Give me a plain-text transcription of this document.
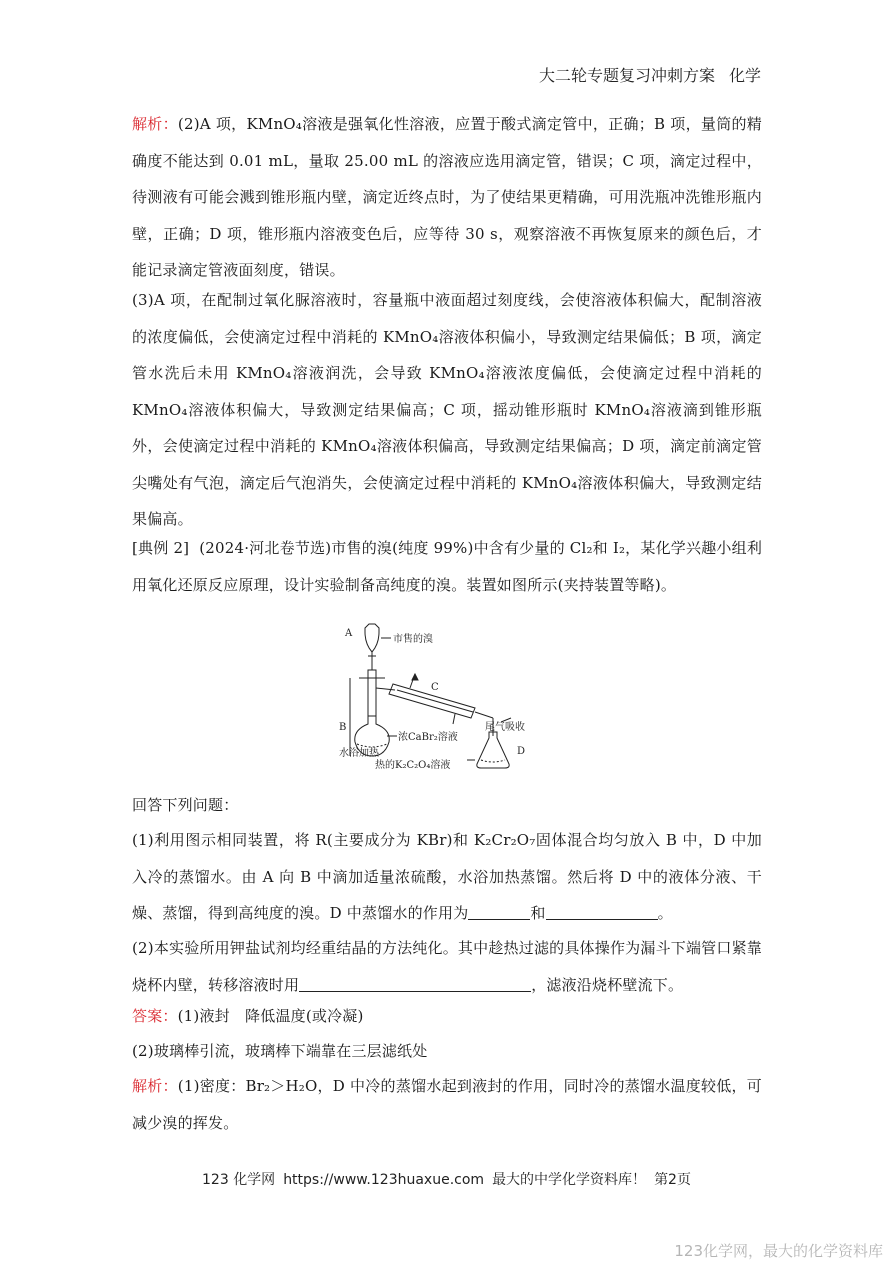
大二轮专题复习冲刺方案 化学
解析：(2)A 项，KMnO₄溶液是强氧化性溶液，应置于酸式滴定管中，正确；B 项，量筒的精确度不能达到 0.01 mL，量取 25.00 mL 的溶液应选用滴定管，错误；C 项，滴定过程中，待测液有可能会溅到锥形瓶内壁，滴定近终点时，为了使结果更精确，可用洗瓶冲洗锥形瓶内壁，正确；D 项，锥形瓶内溶液变色后，应等待 30 s，观察溶液不再恢复原来的颜色后，才能记录滴定管液面刻度，错误。
(3)A 项，在配制过氧化脲溶液时，容量瓶中液面超过刻度线，会使溶液体积偏大，配制溶液的浓度偏低，会使滴定过程中消耗的 KMnO₄溶液体积偏小，导致测定结果偏低；B 项，滴定管水洗后未用 KMnO₄溶液润洗，会导致 KMnO₄溶液浓度偏低，会使滴定过程中消耗的 KMnO₄溶液体积偏大，导致测定结果偏高；C 项，摇动锥形瓶时 KMnO₄溶液滴到锥形瓶外，会使滴定过程中消耗的 KMnO₄溶液体积偏高，导致测定结果偏高；D 项，滴定前滴定管尖嘴处有气泡，滴定后气泡消失，会使滴定过程中消耗的 KMnO₄溶液体积偏大，导致测定结果偏高。
[典例 2] (2024·河北卷节选)市售的溴(纯度 99%)中含有少量的 Cl₂和 I₂，某化学兴趣小组利用氧化还原反应原理，设计实验制备高纯度的溴。装置如图所示(夹持装置等略)。
A
市售的溴
C
B
浓CaBr₂溶液
水浴加热
尾气吸收
D
热的K₂C₂O₄溶液
回答下列问题：
(1)利用图示相同装置，将 R(主要成分为 KBr)和 K₂Cr₂O₇固体混合均匀放入 B 中，D 中加入冷的蒸馏水。由 A 向 B 中滴加适量浓硫酸，水浴加热蒸馏。然后将 D 中的液体分液、干燥、蒸馏，得到高纯度的溴。D 中蒸馏水的作用为	和	。
(2)本实验所用钾盐试剂均经重结晶的方法纯化。其中趁热过滤的具体操作为漏斗下端管口紧靠烧杯内壁，转移溶液时用	，滤液沿烧杯壁流下。
答案：(1)液封　降低温度(或冷凝)
(2)玻璃棒引流，玻璃棒下端靠在三层滤纸处
解析：(1)密度：Br₂＞H₂O，D 中冷的蒸馏水起到液封的作用，同时冷的蒸馏水温度较低，可减少溴的挥发。
123 化学网 https://www.123huaxue.com 最大的中学化学资料库！ 第2页
123化学网，最大的化学资料库
